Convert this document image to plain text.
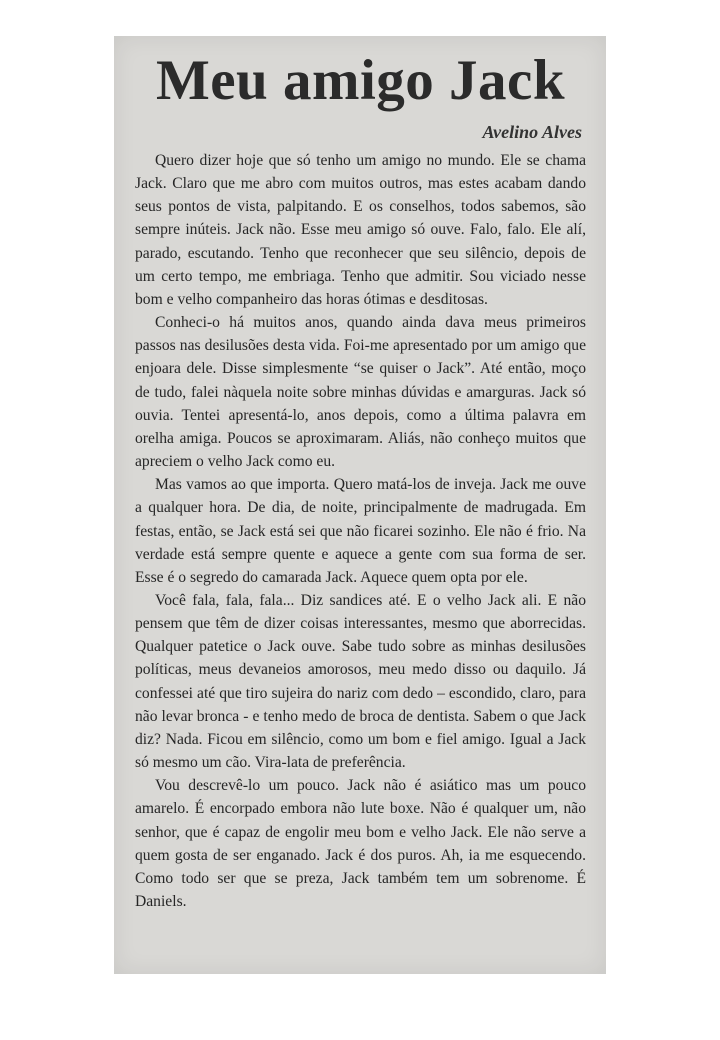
Meu amigo Jack
Avelino Alves

Quero dizer hoje que só tenho um amigo no mundo. Ele se chama Jack. Claro que me abro com muitos outros, mas estes acabam dando seus pontos de vista, palpitando. E os conselhos, todos sabemos, são sempre inúteis. Jack não. Esse meu amigo só ouve. Falo, falo. Ele alí, parado, escutando. Tenho que reconhecer que seu silêncio, depois de um certo tempo, me embriaga. Tenho que admitir. Sou viciado nesse bom e velho companheiro das horas ótimas e desditosas.

Conheci-o há muitos anos, quando ainda dava meus primeiros passos nas desilusões desta vida. Foi-me apresentado por um amigo que enjoara dele. Disse simplesmente “se quiser o Jack”. Até então, moço de tudo, falei nàquela noite sobre minhas dúvidas e amarguras. Jack só ouvia. Tentei apresentá-lo, anos depois, como a última palavra em orelha amiga. Poucos se aproximaram. Aliás, não conheço muitos que apreciem o velho Jack como eu.

Mas vamos ao que importa. Quero matá-los de inveja. Jack me ouve a qualquer hora. De dia, de noite, principalmente de madrugada. Em festas, então, se Jack está sei que não ficarei sozinho. Ele não é frio. Na verdade está sempre quente e aquece a gente com sua forma de ser. Esse é o segredo do camarada Jack. Aquece quem opta por ele.

Você fala, fala, fala... Diz sandices até. E o velho Jack ali. E não pensem que têm de dizer coisas interessantes, mesmo que aborrecidas. Qualquer patetice o Jack ouve. Sabe tudo sobre as minhas desilusões políticas, meus devaneios amorosos, meu medo disso ou daquilo. Já confessei até que tiro sujeira do nariz com dedo – escondido, claro, para não levar bronca - e tenho medo de broca de dentista. Sabem o que Jack diz? Nada. Ficou em silêncio, como um bom e fiel amigo. Igual a Jack só mesmo um cão. Vira-lata de preferência.

Vou descrevê-lo um pouco. Jack não é asiático mas um pouco amarelo. É encorpado embora não lute boxe. Não é qualquer um, não senhor, que é capaz de engolir meu bom e velho Jack. Ele não serve a quem gosta de ser enganado. Jack é dos puros. Ah, ia me esquecendo. Como todo ser que se preza, Jack também tem um sobrenome. É Daniels.
